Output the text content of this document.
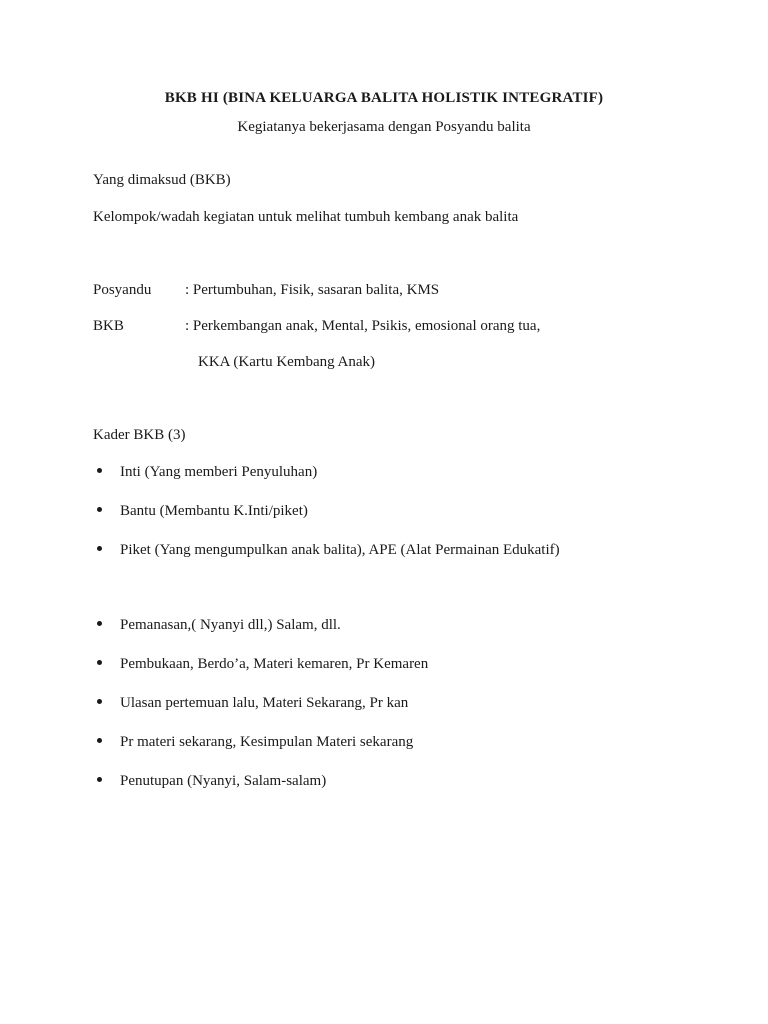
BKB HI (BINA KELUARGA BALITA HOLISTIK INTEGRATIF)
Kegiatanya bekerjasama dengan Posyandu balita
Yang dimaksud (BKB)
Kelompok/wadah kegiatan untuk melihat tumbuh kembang anak balita
Posyandu : Pertumbuhan, Fisik, sasaran balita, KMS
BKB	: Perkembangan anak, Mental, Psikis, emosional orang tua,
KKA (Kartu Kembang Anak)
Kader BKB (3)
Inti (Yang memberi Penyuluhan)
Bantu (Membantu K.Inti/piket)
Piket (Yang mengumpulkan anak balita), APE (Alat Permainan Edukatif)
Pemanasan,( Nyanyi dll,) Salam, dll.
Pembukaan, Berdo’a, Materi kemaren, Pr Kemaren
Ulasan pertemuan lalu, Materi Sekarang, Pr kan
Pr materi sekarang, Kesimpulan Materi sekarang
Penutupan (Nyanyi, Salam-salam)
